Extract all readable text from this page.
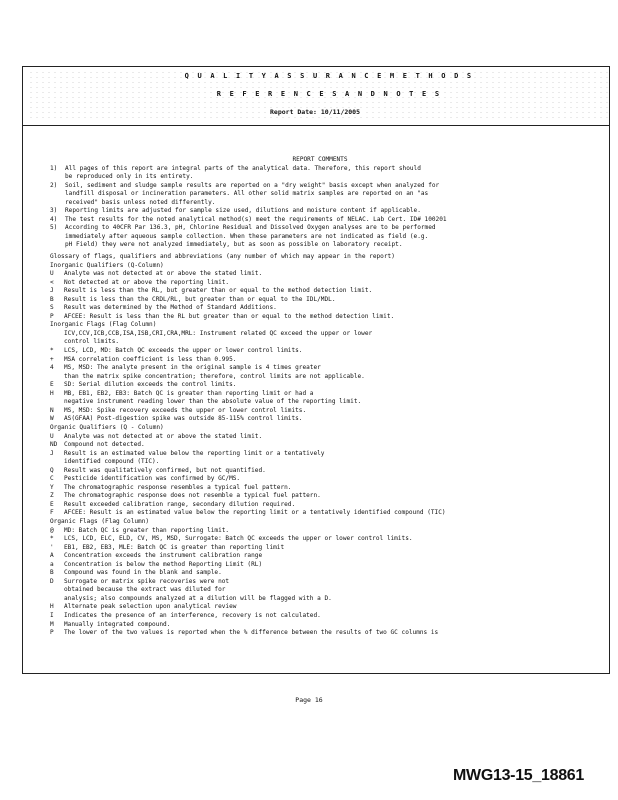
Q U A L I T Y A S S U R A N C E M E T H O D S
R E F E R E N C E S A N D N O T E S
Report Date: 10/11/2005
REPORT COMMENTS
1)	All pages of this report are integral parts of the analytical data. Therefore, this report should
be reproduced only in its entirety.
2)	Soil, sediment and sludge sample results are reported on a "dry weight" basis except when analyzed for
landfill disposal or incineration parameters. All other solid matrix samples are reported on an "as
received" basis unless noted differently.
3)	Reporting limits are adjusted for sample size used, dilutions and moisture content if applicable.
4)	The test results for the noted analytical method(s) meet the requirements of NELAC. Lab Cert. ID# 100201
5)	According to 40CFR Par 136.3, pH, Chlorine Residual and Dissolved Oxygen analyses are to be performed
immediately after aqueous sample collection. When these parameters are not indicated as field (e.g.
pH Field) they were not analyzed immediately, but as soon as possible on laboratory receipt.
Glossary of flags, qualifiers and abbreviations (any number of which may appear in the report)
Inorganic Qualifiers (Q-Column)
U	Analyte was not detected at or above the stated limit.
<	Not detected at or above the reporting limit.
J	Result is less than the RL, but greater than or equal to the method detection limit.
B	Result is less than the CRDL/RL, but greater than or equal to the IDL/MDL.
S	Result was determined by the Method of Standard Additions.
P	AFCEE: Result is less than the RL but greater than or equal to the method detection limit.
Inorganic Flags (Flag Column)
ICV,CCV,ICB,CCB,ISA,ISB,CRI,CRA,MRL: Instrument related QC exceed the upper or lower
control limits.
*	LCS, LCD, MD: Batch QC exceeds the upper or lower control limits.
+	MSA correlation coefficient is less than 0.995.
4	MS, MSD: The analyte present in the original sample is 4 times greater
than the matrix spike concentration; therefore, control limits are not applicable.
E	SD: Serial dilution exceeds the control limits.
H	MB, EB1, EB2, EB3: Batch QC is greater than reporting limit or had a
negative instrument reading lower than the absolute value of the reporting limit.
N	MS, MSD: Spike recovery exceeds the upper or lower control limits.
W	AS(GFAA) Post-digestion spike was outside 85-115% control limits.
Organic Qualifiers (Q - Column)
U	Analyte was not detected at or above the stated limit.
ND	Compound not detected.
J	Result is an estimated value below the reporting limit or a tentatively
identified compound (TIC).
Q	Result was qualitatively confirmed, but not quantified.
C	Pesticide identification was confirmed by GC/MS.
Y	The chromatographic response resembles a typical fuel pattern.
Z	The chromatographic response does not resemble a typical fuel pattern.
E	Result exceeded calibration range, secondary dilution required.
F	AFCEE: Result is an estimated value below the reporting limit or a tentatively identified compound (TIC)
Organic Flags (Flag Column)
@	MD: Batch QC is greater than reporting limit.
*	LCS, LCD, ELC, ELD, CV, MS, MSD, Surrogate: Batch QC exceeds the upper or lower control limits.
'	EB1, EB2, EB3, MLE: Batch QC is greater than reporting limit
A	Concentration exceeds the instrument calibration range
a	Concentration is below the method Reporting Limit (RL)
B	Compound was found in the blank and sample.
D	Surrogate or matrix spike recoveries were not
obtained because the extract was diluted for
analysis; also compounds analyzed at a dilution will be flagged with a D.
H	Alternate peak selection upon analytical review
I	Indicates the presence of an interference, recovery is not calculated.
M	Manually integrated compound.
P	The lower of the two values is reported when the % difference between the results of two GC columns is
Page 16
MWG13-15_18861
